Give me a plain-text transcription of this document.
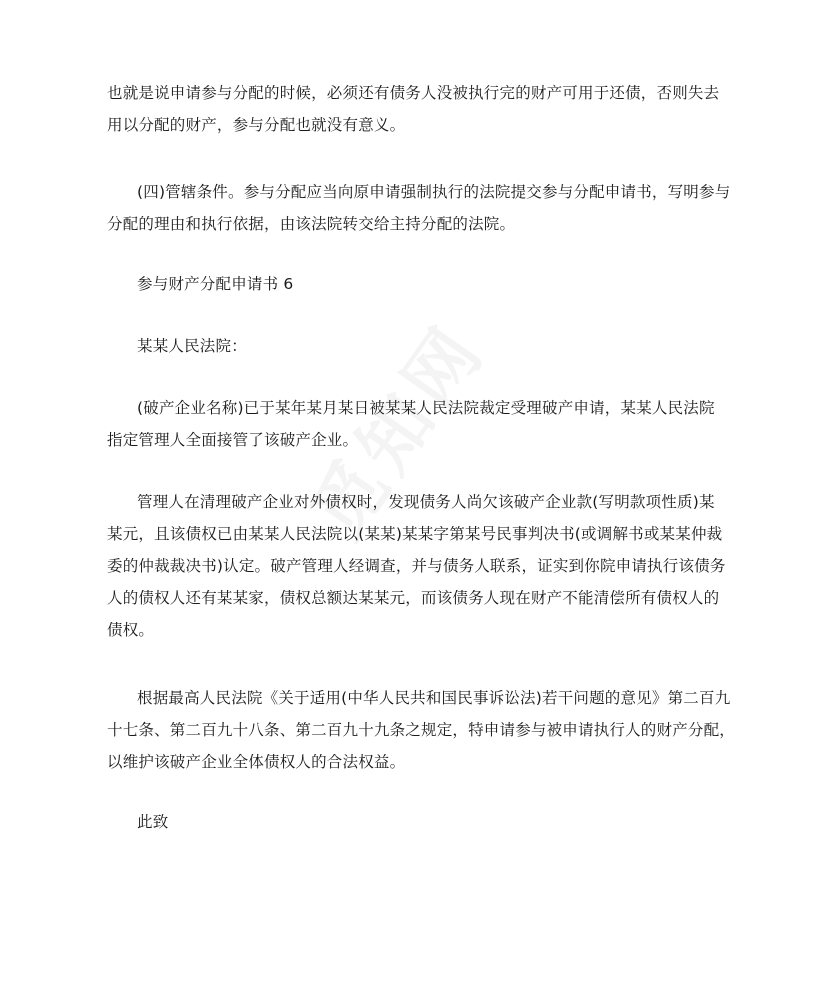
也就是说申请参与分配的时候，必须还有债务人没被执行完的财产可用于还债，否则失去
用以分配的财产，参与分配也就没有意义。

(四)管辖条件。参与分配应当向原申请强制执行的法院提交参与分配申请书，写明参与
分配的理由和执行依据，由该法院转交给主持分配的法院。

参与财产分配申请书 6

某某人民法院：

(破产企业名称)已于某年某月某日被某某人民法院裁定受理破产申请，某某人民法院
指定管理人全面接管了该破产企业。

管理人在清理破产企业对外债权时，发现债务人尚欠该破产企业款(写明款项性质)某
某元，且该债权已由某某人民法院以(某某)某某字第某号民事判决书(或调解书或某某仲裁
委的仲裁裁决书)认定。破产管理人经调查，并与债务人联系，证实到你院申请执行该债务
人的债权人还有某某家，债权总额达某某元，而该债务人现在财产不能清偿所有债权人的
债权。

根据最高人民法院《关于适用(中华人民共和国民事诉讼法)若干问题的意见》第二百九
十七条、第二百九十八条、第二百九十九条之规定，特申请参与被申请执行人的财产分配，
以维护该破产企业全体债权人的合法权益。

此致
